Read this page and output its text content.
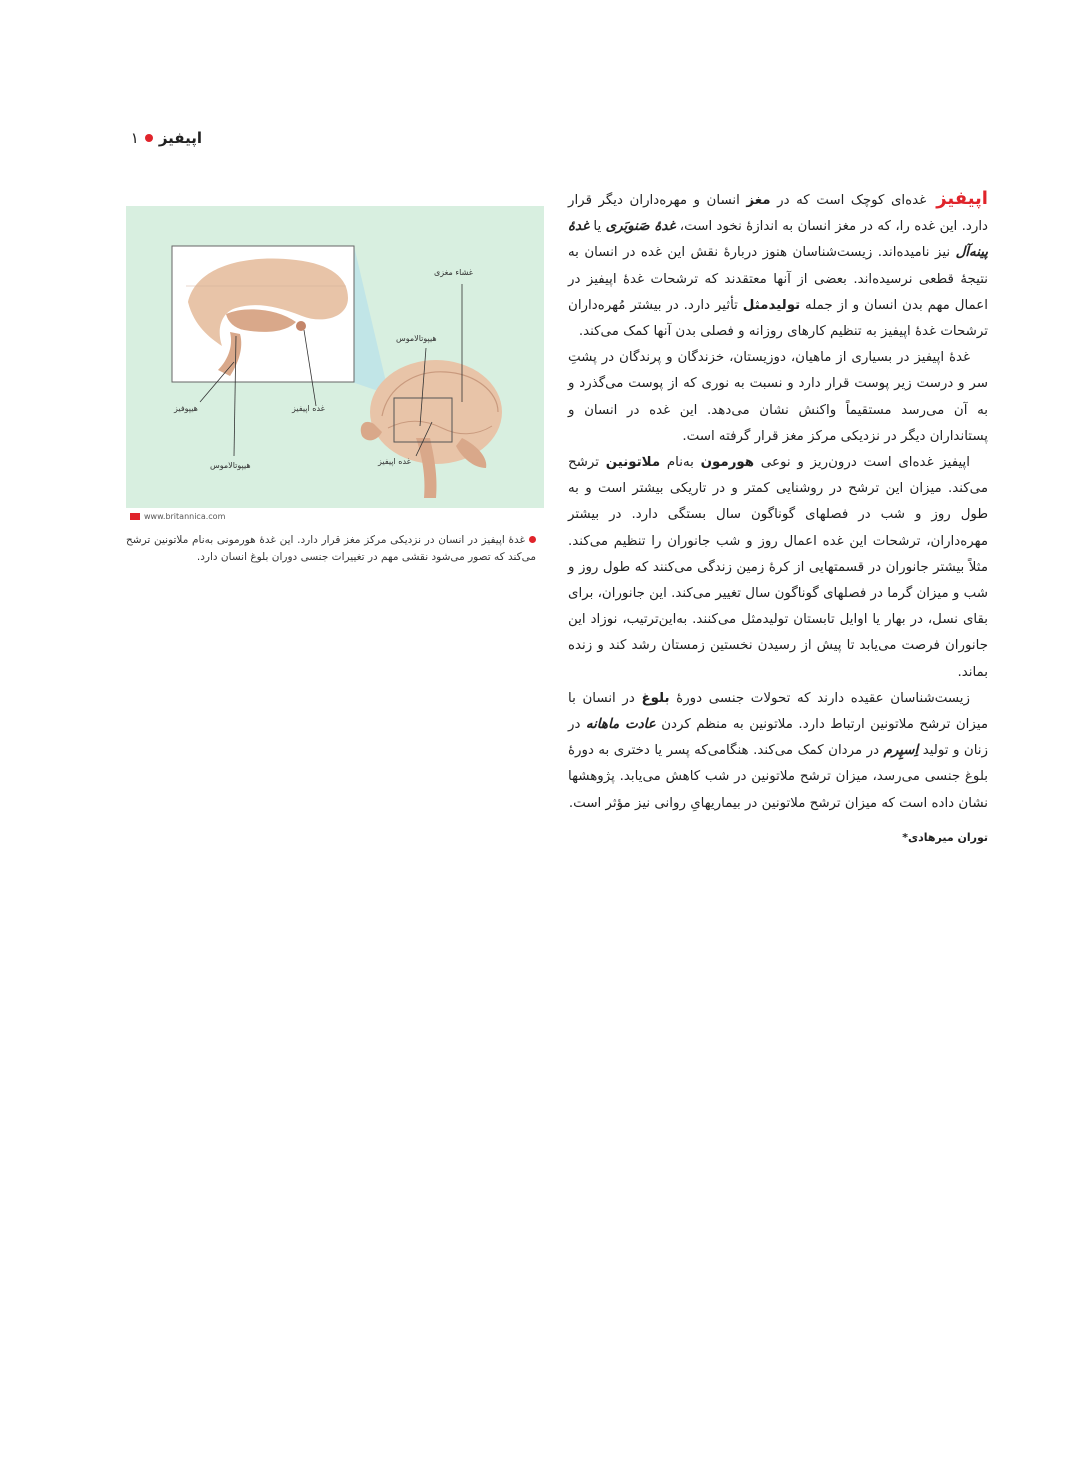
اپیفیز
۱
غشاء مغزی
هیپوتالاموس
غده اپیفیز
هیپوفیز	غده اپیفیز
هیپوتالاموس
www.britannica.com
غدهٔ اپیفیز در انسان در نزدیکی مرکز مغز قرار دارد. این غدهٔ هورمونی به‌نام ملاتونین ترشح می‌کند که تصور می‌شود نقشی مهم در تغییرات جنسی دوران بلوغ انسان دارد.

اپیفیزغده‌ای کوچک است که در مغز انسان و مهره‌داران دیگر قرار دارد. این غده را، که در مغز انسان به اندازهٔ نخود است، غدهٔ صَنوبَری یا غدهٔ پینه‌آل نیز نامیده‌اند. زیست‌شناسان هنوز دربارهٔ نقش این غده در انسان به نتیجهٔ قطعی نرسیده‌اند. بعضی از آنها معتقدند که ترشحات غدهٔ اپیفیز در اعمال مهم بدن انسان و از جمله تولیدمثل تأثیر دارد. در بیشتر مُهره‌داران ترشحات غدهٔ اپیفیز به تنظیم کارهای روزانه و فصلی بدن آنها کمک می‌کند.

غدهٔ اپیفیز در بسیاری از ماهیان، دوزیستان، خزندگان و پرندگان در پشتِ سر و درست زیر پوست قرار دارد و نسبت به نوری که از پوست می‌گذرد و به آن می‌رسد مستقیماً واکنش نشان می‌دهد. این غده در انسان و پستانداران دیگر در نزدیکی مرکز مغز قرار گرفته است.

اپیفیز غده‌ای است درون‌ریز و نوعی هورمون به‌نام ملاتونین ترشح می‌کند. میزان این ترشح در روشنایی کمتر و در تاریکی بیشتر است و به طول روز و شب در فصلهای گوناگون سال بستگی دارد. در بیشتر مهره‌داران، ترشحات این غده اعمال روز و شب جانوران را تنظیم می‌کند. مثلاً بیشتر جانوران در قسمتهایی از کرهٔ زمین زندگی می‌کنند که طول روز و شب و میزان گرما در فصلهای گوناگون سال تغییر می‌کند. این جانوران، برای بقای نسل، در بهار یا اوایل تابستان تولیدمثل می‌کنند. به‌این‌ترتیب، نوزاد این جانوران فرصت می‌یابد تا پیش از رسیدن نخستین زمستان رشد کند و زنده بماند.

زیست‌شناسان عقیده دارند که تحولات جنسی دورهٔ بلوغ در انسان با میزان ترشح ملاتونین ارتباط دارد. ملاتونین به منظم کردن عادت ماهانه در زنان و تولید اِسپِرم در مردان کمک می‌کند. هنگامی‌که پسر یا دختری به دورهٔ بلوغ جنسی می‌رسد، میزان ترشح ملاتونین در شب کاهش می‌یابد. پژوهشها نشان داده است که میزان ترشح ملاتونین در بیماریهایِ روانی نیز مؤثر است.

توران میرهادی*
